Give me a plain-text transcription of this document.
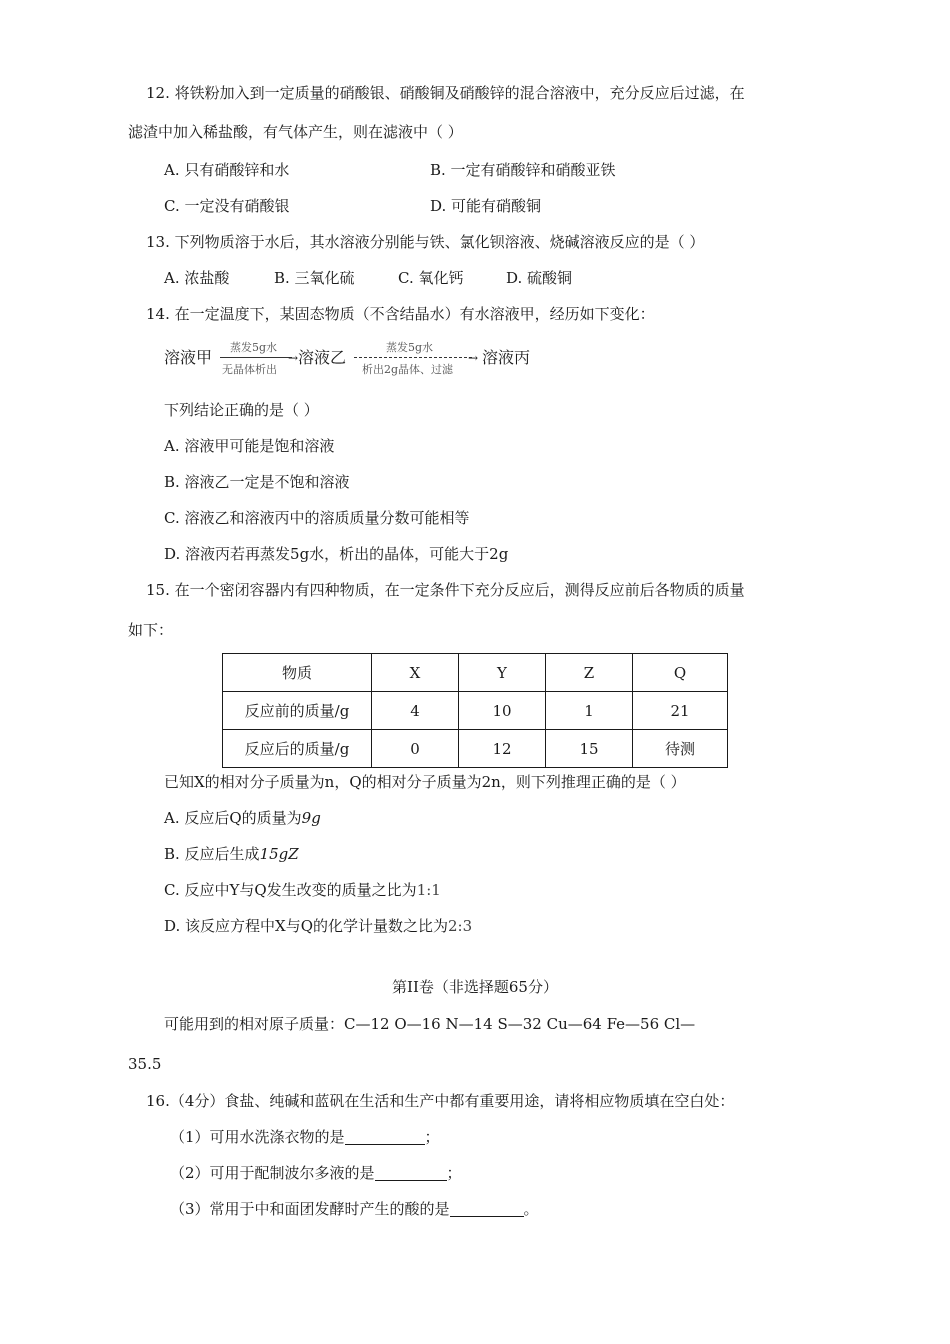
12. 将铁粉加入到一定质量的硝酸银、硝酸铜及硝酸锌的混合溶液中，充分反应后过滤，在
滤渣中加入稀盐酸，有气体产生，则在滤液中（ ）
A. 只有硝酸锌和水	B. 一定有硝酸锌和硝酸亚铁
C. 一定没有硝酸银	D. 可能有硝酸铜
13. 下列物质溶于水后，其水溶液分别能与铁、氯化钡溶液、烧碱溶液反应的是（ ）
A. 浓盐酸	B. 三氧化硫	C. 氧化钙	D. 硫酸铜
14. 在一定温度下，某固态物质（不含结晶水）有水溶液甲，经历如下变化：
溶液甲
蒸发5g水
→
无晶体析出
溶液乙
蒸发5g水
→
析出2g晶体、过滤
溶液丙
下列结论正确的是（ ）
A. 溶液甲可能是饱和溶液
B. 溶液乙一定是不饱和溶液
C. 溶液乙和溶液丙中的溶质质量分数可能相等
D. 溶液丙若再蒸发5g水，析出的晶体，可能大于2g
15. 在一个密闭容器内有四种物质，在一定条件下充分反应后，测得反应前后各物质的质量
如下：
物质	X	Y	Z	Q
反应前的质量/g	4	10	1	21
反应后的质量/g	0	12	15	待测
已知X的相对分子质量为n，Q的相对分子质量为2n，则下列推理正确的是（ ）
A. 反应后Q的质量为9g
B. 反应后生成15gZ
C. 反应中Y与Q发生改变的质量之比为1:1
D. 该反应方程中X与Q的化学计量数之比为2:3
第II卷（非选择题65分）
可能用到的相对原子质量：C—12 O—16 N—14 S—32 Cu—64 Fe—56 Cl—
35.5
16.（4分）食盐、纯碱和蓝矾在生活和生产中都有重要用途，请将相应物质填在空白处：
（1）可用水洗涤衣物的是	；
（2）可用于配制波尔多液的是	；
（3）常用于中和面团发酵时产生的酸的是	。
